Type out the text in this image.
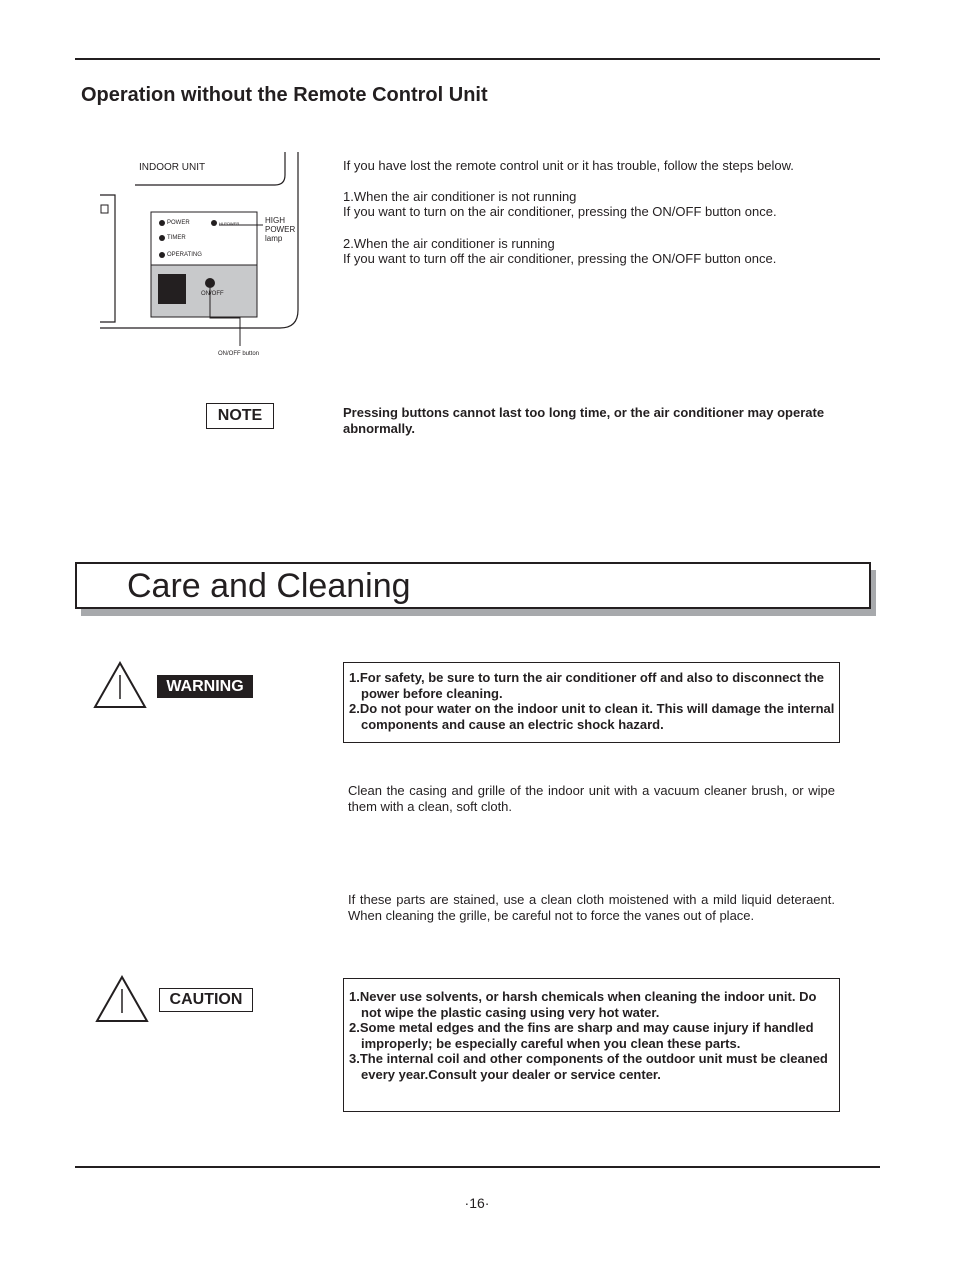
Operation without the Remote Control Unit
INDOOR UNIT
POWER	HI POWER
TIMER
OPERATING
HIGH
POWER
lamp
ON/OFF
ON/OFF button
If you have lost the remote control unit or it has trouble, follow the steps below.
1.When the air conditioner is not running
If you want to turn on the air conditioner, pressing the ON/OFF button once.
2.When the air conditioner is running
If you want to turn off the air conditioner, pressing the ON/OFF button once.
NOTE	Pressing buttons cannot last too long time, or the air conditioner may operate abnormally.
Care and Cleaning
WARNING
1.For safety, be sure to turn the air conditioner off and also to disconnect the power before cleaning.
2.Do not pour water on the indoor unit to clean it. This will damage the internal components and cause an electric shock hazard.
Clean the casing and grille of the indoor unit with a vacuum cleaner brush, or wipe them with a clean, soft cloth.
If these parts are stained, use a clean cloth moistened with a mild liquid deteraent. When cleaning the grille, be careful not to force the vanes out of place.
CAUTION	1.Never use solvents, or harsh chemicals when cleaning the indoor unit. Do not wipe the plastic casing using very hot water.
2.Some metal edges and the fins are sharp and may cause injury if handled improperly; be especially careful when you clean these parts.
3.The internal coil and other components of the outdoor unit must be cleaned every year.Consult your dealer or service center.
·16·
